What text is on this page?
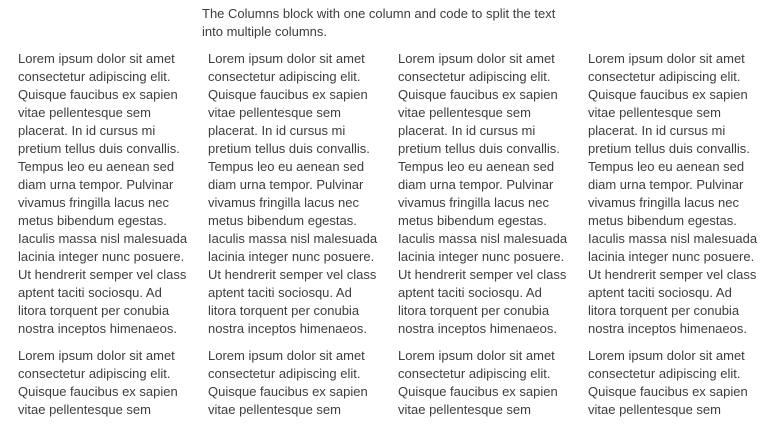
The Columns block with one column and code to split the text
into multiple columns.
Lorem ipsum dolor sit amet
consectetur adipiscing elit.
Quisque faucibus ex sapien
vitae pellentesque sem
placerat. In id cursus mi
pretium tellus duis convallis.
Tempus leo eu aenean sed
diam urna tempor. Pulvinar
vivamus fringilla lacus nec
metus bibendum egestas.
Iaculis massa nisl malesuada
lacinia integer nunc posuere.
Ut hendrerit semper vel class
aptent taciti sociosqu. Ad
litora torquent per conubia
nostra inceptos himenaeos.
Lorem ipsum dolor sit amet
consectetur adipiscing elit.
Quisque faucibus ex sapien
vitae pellentesque sem
Lorem ipsum dolor sit amet
consectetur adipiscing elit.
Quisque faucibus ex sapien
vitae pellentesque sem
placerat. In id cursus mi
pretium tellus duis convallis.
Tempus leo eu aenean sed
diam urna tempor. Pulvinar
vivamus fringilla lacus nec
metus bibendum egestas.
Iaculis massa nisl malesuada
lacinia integer nunc posuere.
Ut hendrerit semper vel class
aptent taciti sociosqu. Ad
litora torquent per conubia
nostra inceptos himenaeos.
Lorem ipsum dolor sit amet
consectetur adipiscing elit.
Quisque faucibus ex sapien
vitae pellentesque sem
Lorem ipsum dolor sit amet
consectetur adipiscing elit.
Quisque faucibus ex sapien
vitae pellentesque sem
placerat. In id cursus mi
pretium tellus duis convallis.
Tempus leo eu aenean sed
diam urna tempor. Pulvinar
vivamus fringilla lacus nec
metus bibendum egestas.
Iaculis massa nisl malesuada
lacinia integer nunc posuere.
Ut hendrerit semper vel class
aptent taciti sociosqu. Ad
litora torquent per conubia
nostra inceptos himenaeos.
Lorem ipsum dolor sit amet
consectetur adipiscing elit.
Quisque faucibus ex sapien
vitae pellentesque sem
Lorem ipsum dolor sit amet
consectetur adipiscing elit.
Quisque faucibus ex sapien
vitae pellentesque sem
placerat. In id cursus mi
pretium tellus duis convallis.
Tempus leo eu aenean sed
diam urna tempor. Pulvinar
vivamus fringilla lacus nec
metus bibendum egestas.
Iaculis massa nisl malesuada
lacinia integer nunc posuere.
Ut hendrerit semper vel class
aptent taciti sociosqu. Ad
litora torquent per conubia
nostra inceptos himenaeos.
Lorem ipsum dolor sit amet
consectetur adipiscing elit.
Quisque faucibus ex sapien
vitae pellentesque sem
